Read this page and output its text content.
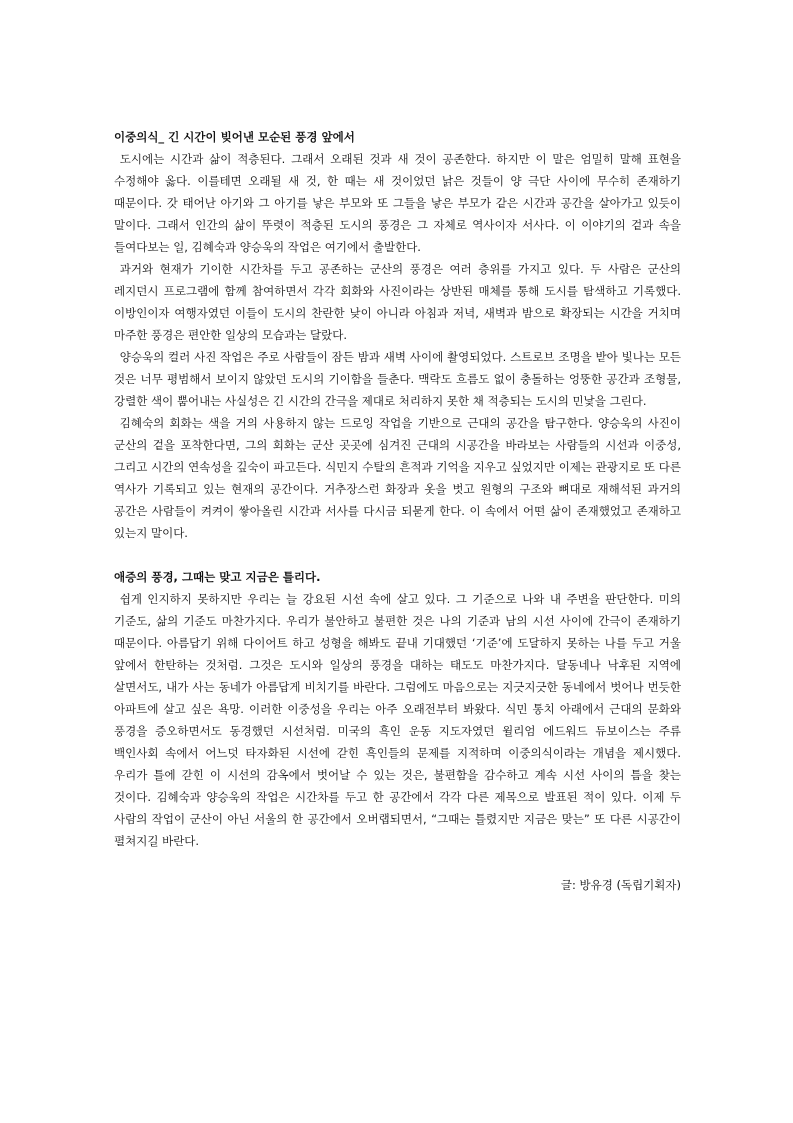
이중의식_ 긴 시간이 빚어낸 모순된 풍경 앞에서

도시에는 시간과 삶이 적층된다. 그래서 오래된 것과 새 것이 공존한다. 하지만 이 말은 엄밀히 말해 표현을 수정해야 옳다. 이를테면 오래될 새 것, 한 때는 새 것이었던 낡은 것들이 양 극단 사이에 무수히 존재하기 때문이다. 갓 태어난 아기와 그 아기를 낳은 부모와 또 그들을 낳은 부모가 같은 시간과 공간을 살아가고 있듯이 말이다. 그래서 인간의 삶이 뚜렷이 적층된 도시의 풍경은 그 자체로 역사이자 서사다. 이 이야기의 겉과 속을 들여다보는 일, 김혜숙과 양승욱의 작업은 여기에서 출발한다.

과거와 현재가 기이한 시간차를 두고 공존하는 군산의 풍경은 여러 층위를 가지고 있다. 두 사람은 군산의 레지던시 프로그램에 함께 참여하면서 각각 회화와 사진이라는 상반된 매체를 통해 도시를 탐색하고 기록했다. 이방인이자 여행자였던 이들이 도시의 찬란한 낮이 아니라 아침과 저녁, 새벽과 밤으로 확장되는 시간을 거치며 마주한 풍경은 편안한 일상의 모습과는 달랐다.

양승욱의 컬러 사진 작업은 주로 사람들이 잠든 밤과 새벽 사이에 촬영되었다. 스트로브 조명을 받아 빛나는 모든 것은 너무 평범해서 보이지 않았던 도시의 기이함을 들춘다. 맥락도 흐름도 없이 충돌하는 엉뚱한 공간과 조형물, 강렬한 색이 뿜어내는 사실성은 긴 시간의 간극을 제대로 처리하지 못한 채 적층되는 도시의 민낯을 그린다.

김혜숙의 회화는 색을 거의 사용하지 않는 드로잉 작업을 기반으로 근대의 공간을 탐구한다. 양승욱의 사진이 군산의 겉을 포착한다면, 그의 회화는 군산 곳곳에 심겨진 근대의 시공간을 바라보는 사람들의 시선과 이중성, 그리고 시간의 연속성을 깊숙이 파고든다. 식민지 수탈의 흔적과 기억을 지우고 싶었지만 이제는 관광지로 또 다른 역사가 기록되고 있는 현재의 공간이다. 거추장스런 화장과 옷을 벗고 원형의 구조와 뼈대로 재해석된 과거의 공간은 사람들이 켜켜이 쌓아올린 시간과 서사를 다시금 되묻게 한다. 이 속에서 어떤 삶이 존재했었고 존재하고 있는지 말이다.

애증의 풍경, 그때는 맞고 지금은 틀리다.

쉽게 인지하지 못하지만 우리는 늘 강요된 시선 속에 살고 있다. 그 기준으로 나와 내 주변을 판단한다. 미의 기준도, 삶의 기준도 마찬가지다. 우리가 불안하고 불편한 것은 나의 기준과 남의 시선 사이에 간극이 존재하기 때문이다. 아름답기 위해 다이어트 하고 성형을 해봐도 끝내 기대했던 ‘기준’에 도달하지 못하는 나를 두고 거울 앞에서 한탄하는 것처럼. 그것은 도시와 일상의 풍경을 대하는 태도도 마찬가지다. 달동네나 낙후된 지역에 살면서도, 내가 사는 동네가 아름답게 비치기를 바란다. 그럼에도 마음으로는 지긋지긋한 동네에서 벗어나 번듯한 아파트에 살고 싶은 욕망. 이러한 이중성을 우리는 아주 오래전부터 봐왔다. 식민 통치 아래에서 근대의 문화와 풍경을 증오하면서도 동경했던 시선처럼. 미국의 흑인 운동 지도자였던 윌리엄 에드워드 듀보이스는 주류 백인사회 속에서 어느덧 타자화된 시선에 갇힌 흑인들의 문제를 지적하며 이중의식이라는 개념을 제시했다. 우리가 틀에 갇힌 이 시선의 감옥에서 벗어날 수 있는 것은, 불편함을 감수하고 계속 시선 사이의 틈을 찾는 것이다. 김혜숙과 양승욱의 작업은 시간차를 두고 한 공간에서 각각 다른 제목으로 발표된 적이 있다. 이제 두 사람의 작업이 군산이 아닌 서울의 한 공간에서 오버랩되면서, “그때는 틀렸지만 지금은 맞는” 또 다른 시공간이 펼쳐지길 바란다.

글: 방유경 (독립기획자)
